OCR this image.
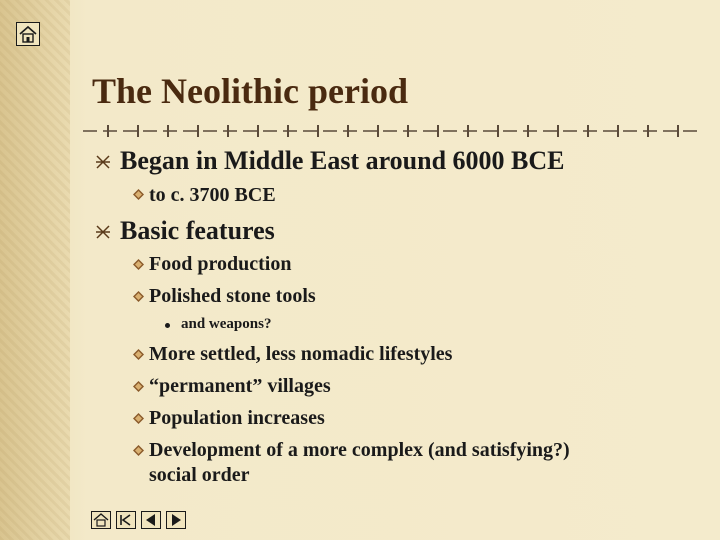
The Neolithic period
Began in Middle East around 6000 BCE
to c. 3700 BCE
Basic features
Food production
Polished stone tools
and weapons?
More settled, less nomadic lifestyles
“permanent” villages
Population increases
Development of a more complex (and satisfying?)
social order
